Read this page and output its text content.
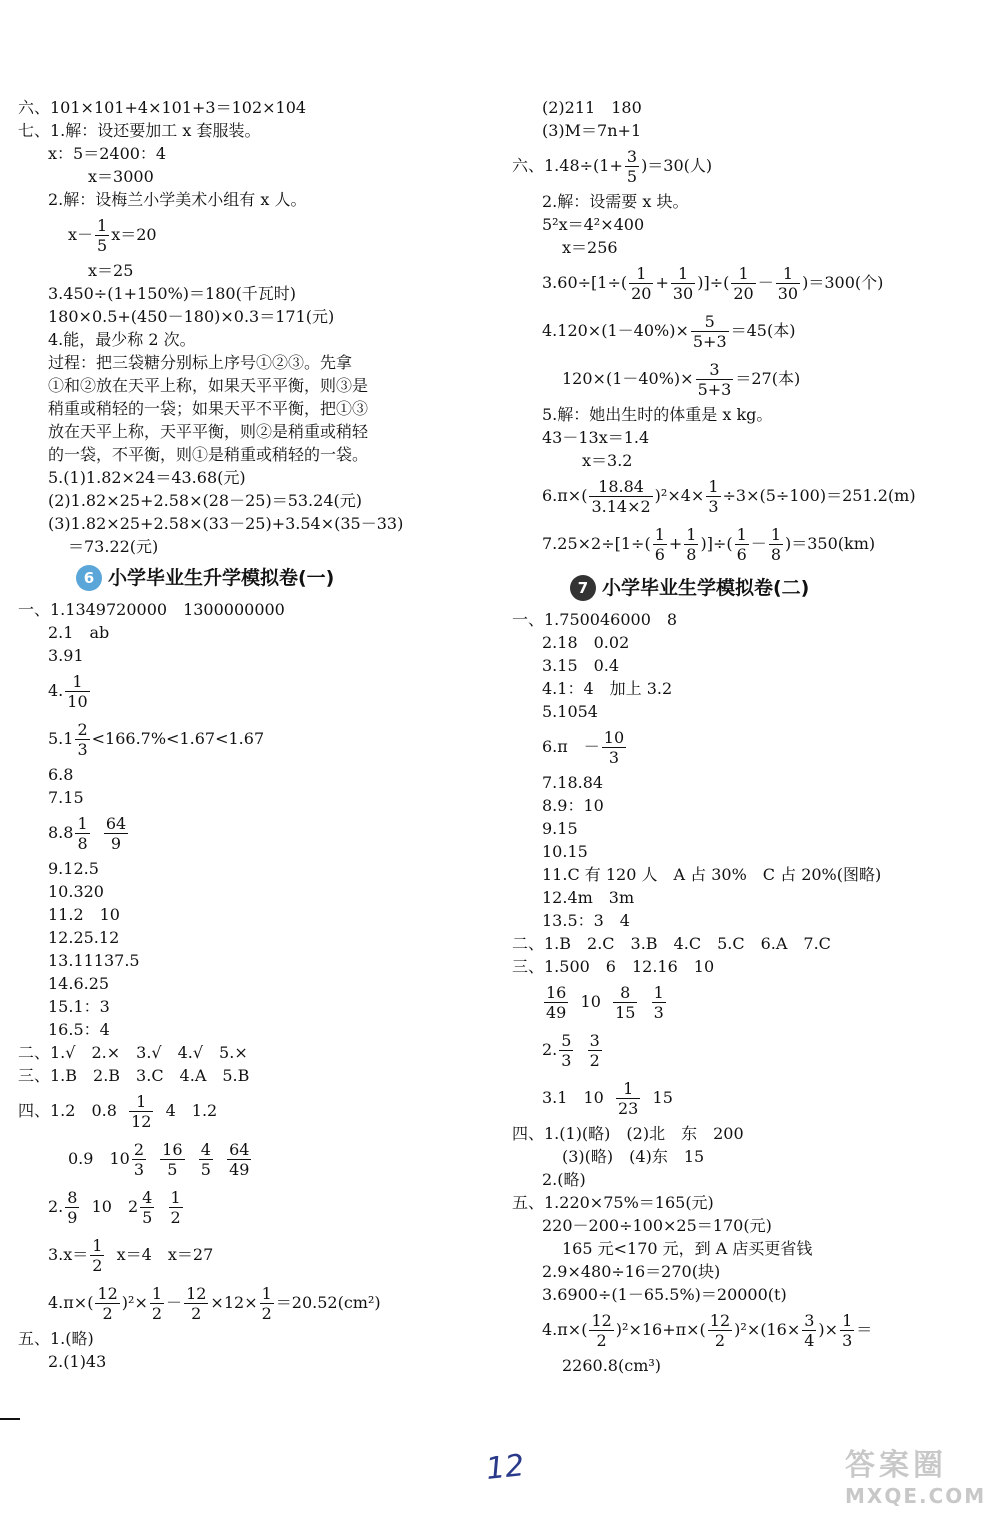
六、101×101+4×101+3＝102×104
七、1.解：设还要加工 x 套服装。
x：5＝2400：4
x＝3000
2.解：设梅兰小学美术小组有 x 人。
$x- \frac{1}{5} x=20$
x＝25
3.450÷(1+150%)＝180(千瓦时)
180×0.5+(450－180)×0.3＝171(元)
4.能，最少称 2 次。
过程：把三袋糖分别标上序号①②③。先拿
①和②放在天平上称，如果天平平衡，则③是
稍重或稍轻的一袋；如果天平不平衡，把①③
放在天平上称，天平平衡，则②是稍重或稍轻
的一袋，不平衡，则①是稍重或稍轻的一袋。
5.(1)1.82×24＝43.68(元)
(2)1.82×25+2.58×(28－25)＝53.24(元)
(3)1.82×25+2.58×(33－25)+3.54×(35－33)
＝73.22(元)
6 小学毕业生升学模拟卷(一)
一、1.1349720000　1300000000
2.1　ab
3.91
4. $\frac{1}{10}$
$5.1 \frac{2}{3} <166.7\%<1.67<1.67$
6.8
7.15
$8.8 \frac{1}{8}$
$\frac{64}{9}$
9.12.5
10.320
11.2　10
12.25.12
13.11137.5
14.6.25
15.1：3
16.5：4
二、1.√　2.×　3.√　4.√　5.×
三、1.B　2.B　3.C　4.A　5.B
四、1.2　$0.8 \frac{1}{12} 4$　1.2
0.9　$10 \frac{2}{3}$
$\frac{16}{5}$
$\frac{4}{5}$
$\frac{64}{49}$
2. $\frac{8}{9} 10$　$2 \frac{4}{5}$
$\frac{1}{2}$
$3.x= \frac{1}{2} x=4$　x＝27
$4.\pi\times( \frac{12}{2} )^2\times \frac{1}{2} - \frac{12}{2} \times 12\times \frac{1}{2} =20.52(cm^2)$
五、1.(略)
2.(1)43
(2)211　180
(3)M＝7n+1
六、$1.48\div(1+ \frac{3}{5} )=30$(人)
2.解：设需要 x 块。
5²x＝4²×400
x＝256
$3.60\div[1\div( \frac{1}{20} + \frac{1}{30}$ )]÷( $\frac{1}{20} - \frac{1}{30} )=300$(个)
$4.120\times(1-40\%)\times \frac{5}{5+3} =45$(本)
$120\times(1-40\%)\times \frac{3}{5+3} =27$(本)
5.解：她出生时的体重是 x kg。
43－13x＝1.4
x＝3.2
$6.\pi\times( \frac{18.84}{3.14\times 2} )^2\times 4\times \frac{1}{3} \div 3\times(5\div 100)=251.2(m)$
$7.25\times 2\div[1\div( \frac{1}{6} + \frac{1}{8}$ )]÷( $\frac{1}{6} - \frac{1}{8} )=350(km)$
7 小学毕业生学模拟卷(二)
一、1.750046000　8
2.18　0.02
3.15　0.4
4.1：4　加上 3.2
5.1054
6.π　－ $\frac{10}{3}$
7.18.84
8.9：10
9.15
10.15
11.C 有 120 人　A 占 30%　C 占 20%(图略)
12.4m　3m
13.5：3　4
二、1.B　2.C　3.B　4.C　5.C　6.A　7.C
三、1.500　6　12.16　10
$\frac{16}{49} 10 \frac{8}{15}$
$\frac{1}{3}$
2. $\frac{5}{3}$
$\frac{3}{2}$
3.1　$10 \frac{1}{23} 15$
四、1.(1)(略)　(2)北　东　200
(3)(略)　(4)东　15
2.(略)
五、1.220×75%＝165(元)
220－200÷100×25＝170(元)
165 元<170 元，到 A 店买更省钱
2.9×480÷16＝270(块)
3.6900÷(1－65.5%)＝20000(t)
$4.\pi\times( \frac{12}{2} )^2\times 16+\pi\times( \frac{12}{2} )^2\times(16\times \frac{3}{4}$ )× $\frac{1}{3}$ ＝
2260.8(cm³)
12	答案圈
MXQE.COM
